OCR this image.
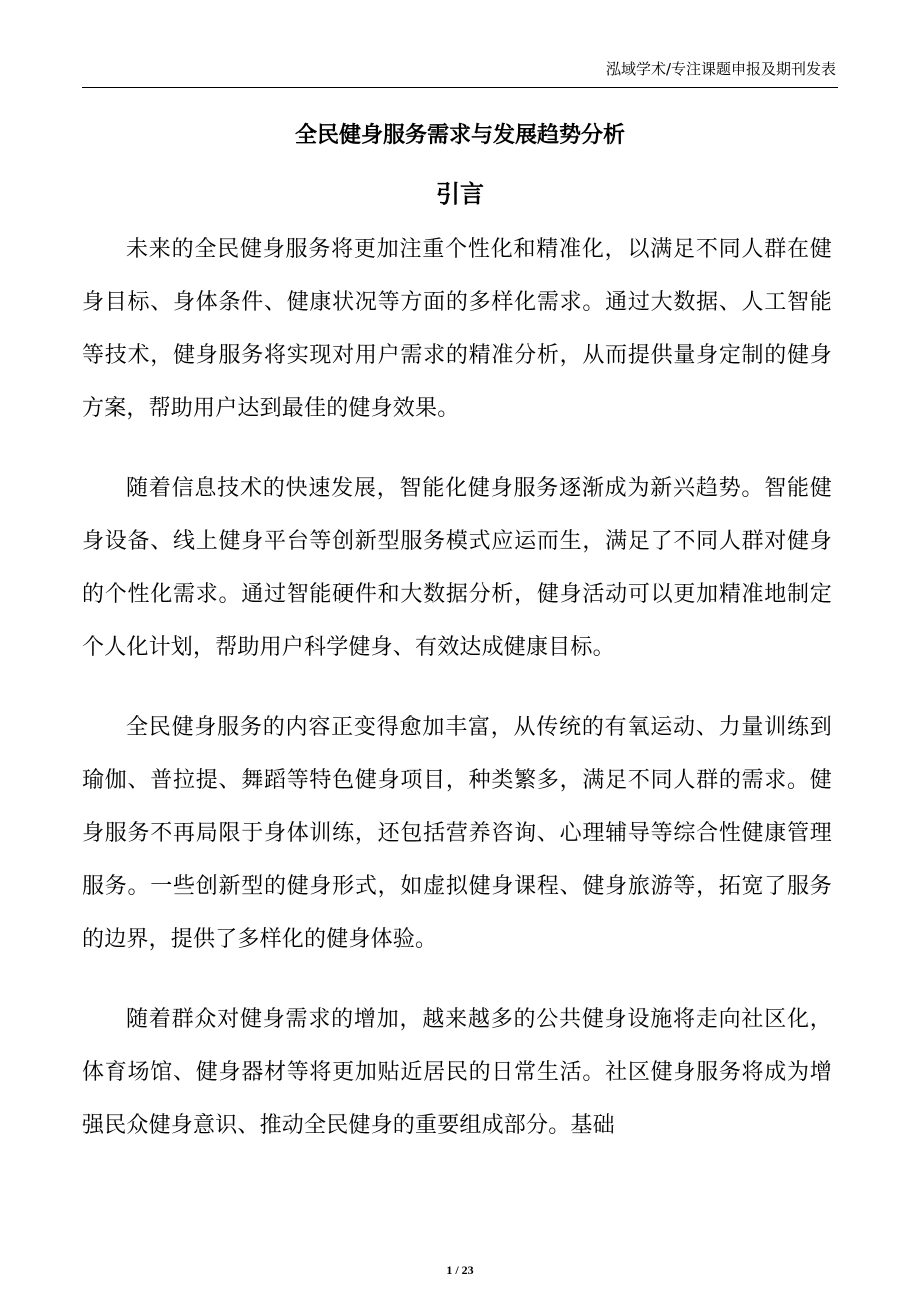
泓域学术/专注课题申报及期刊发表
全民健身服务需求与发展趋势分析
引言

未来的全民健身服务将更加注重个性化和精准化，以满足不同人群在健身目标、身体条件、健康状况等方面的多样化需求。通过大数据、人工智能等技术，健身服务将实现对用户需求的精准分析，从而提供量身定制的健身方案，帮助用户达到最佳的健身效果。

随着信息技术的快速发展，智能化健身服务逐渐成为新兴趋势。智能健身设备、线上健身平台等创新型服务模式应运而生，满足了不同人群对健身的个性化需求。通过智能硬件和大数据分析，健身活动可以更加精准地制定个人化计划，帮助用户科学健身、有效达成健康目标。

全民健身服务的内容正变得愈加丰富，从传统的有氧运动、力量训练到瑜伽、普拉提、舞蹈等特色健身项目，种类繁多，满足不同人群的需求。健身服务不再局限于身体训练，还包括营养咨询、心理辅导等综合性健康管理服务。一些创新型的健身形式，如虚拟健身课程、健身旅游等，拓宽了服务的边界，提供了多样化的健身体验。

随着群众对健身需求的增加，越来越多的公共健身设施将走向社区化，体育场馆、健身器材等将更加贴近居民的日常生活。社区健身服务将成为增强民众健身意识、推动全民健身的重要组成部分。基础

1 / 23
